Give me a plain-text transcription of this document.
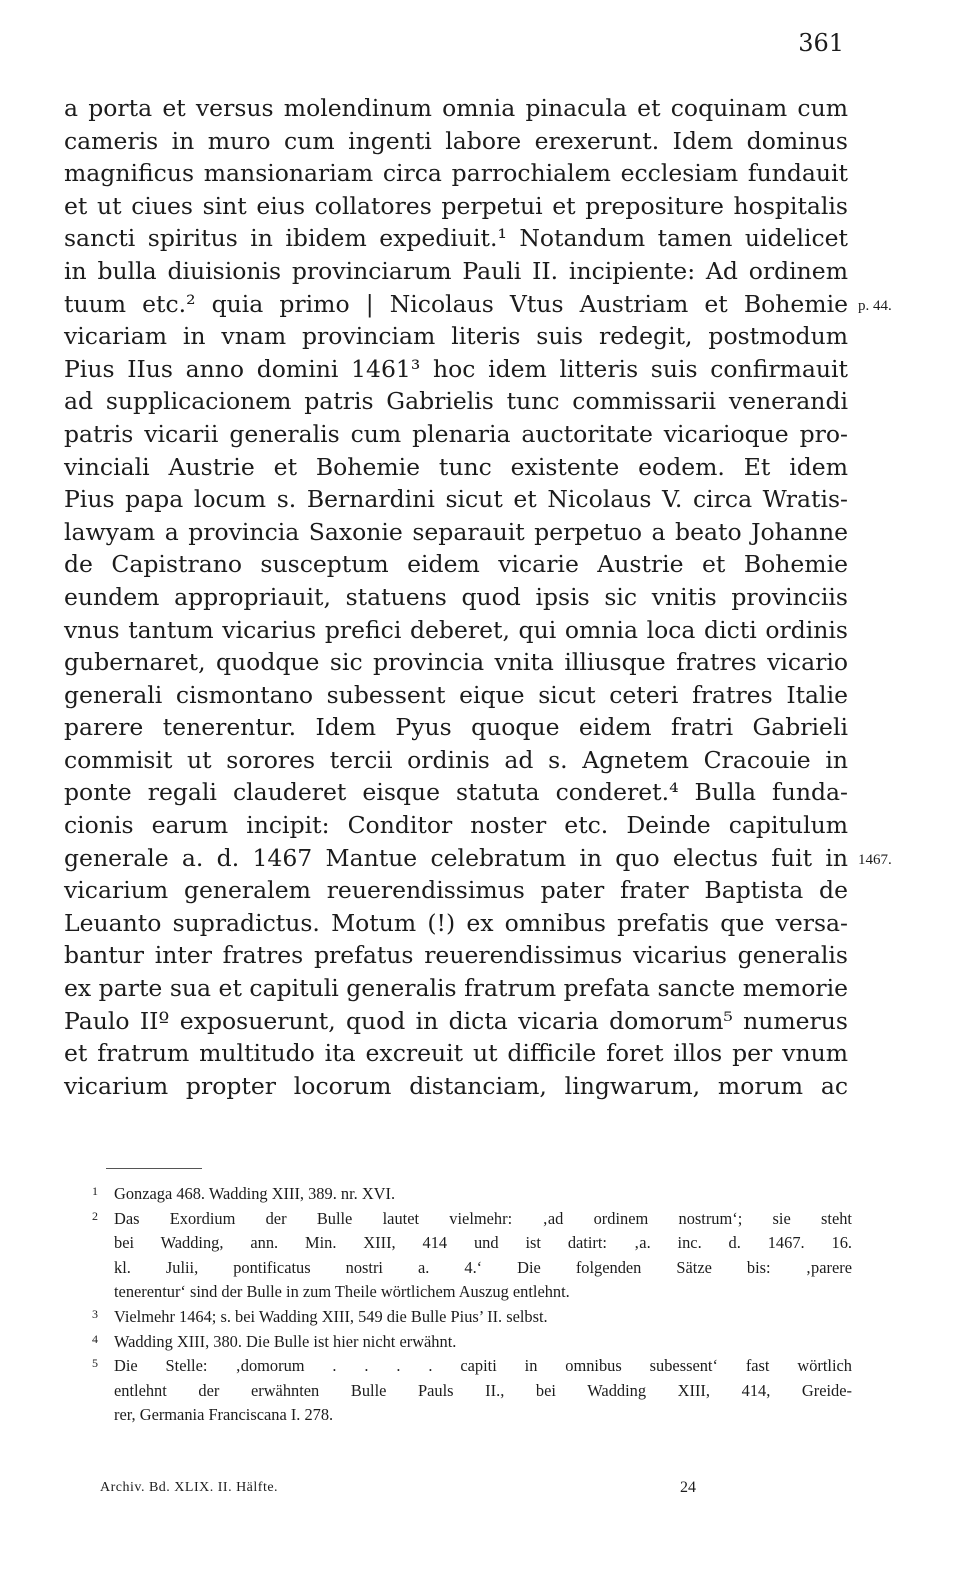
361
a porta et versus molendinum omnia pinacula et coquinam cum
cameris in muro cum ingenti labore erexerunt. Idem dominus
magnificus mansionariam circa parrochialem ecclesiam fundauit
et ut ciues sint eius collatores perpetui et prepositure hospitalis
sancti spiritus in ibidem expediuit.¹ Notandum tamen uidelicet
in bulla diuisionis provinciarum Pauli II. incipiente: Ad ordinem
tuum etc.² quia primo | Nicolaus Vtus Austriam et Bohemie
vicariam in vnam provinciam literis suis redegit, postmodum
Pius IIus anno domini 1461³ hoc idem litteris suis confirmauit
ad supplicacionem patris Gabrielis tunc commissarii venerandi
patris vicarii generalis cum plenaria auctoritate vicarioque pro-
vinciali Austrie et Bohemie tunc existente eodem. Et idem
Pius papa locum s. Bernardini sicut et Nicolaus V. circa Wratis-
lawyam a provincia Saxonie separauit perpetuo a beato Johanne
de Capistrano susceptum eidem vicarie Austrie et Bohemie
eundem appropriauit, statuens quod ipsis sic vnitis provinciis
vnus tantum vicarius prefici deberet, qui omnia loca dicti ordinis
gubernaret, quodque sic provincia vnita illiusque fratres vicario
generali cismontano subessent eique sicut ceteri fratres Italie
parere tenerentur. Idem Pyus quoque eidem fratri Gabrieli
commisit ut sorores tercii ordinis ad s. Agnetem Cracouie in
ponte regali clauderet eisque statuta conderet.⁴ Bulla funda-
cionis earum incipit: Conditor noster etc. Deinde capitulum
generale a. d. 1467 Mantue celebratum in quo electus fuit in
vicarium generalem reuerendissimus pater frater Baptista de
Leuanto supradictus. Motum (!) ex omnibus prefatis que versa-
bantur inter fratres prefatus reuerendissimus vicarius generalis
ex parte sua et capituli generalis fratrum prefata sancte memorie
Paulo IIº exposuerunt, quod in dicta vicaria domorum⁵ numerus
et fratrum multitudo ita excreuit ut difficile foret illos per vnum
vicarium propter locorum distanciam, lingwarum, morum ac
p. 44.
1467.
1 Gonzaga 468. Wadding XIII, 389. nr. XVI.
2 Das Exordium der Bulle lautet vielmehr: ‚ad ordinem nostrum‘; sie steht
bei Wadding, ann. Min. XIII, 414 und ist datirt: ‚a. inc. d. 1467. 16.
kl. Julii, pontificatus nostri a. 4.‘ Die folgenden Sätze bis: ‚parere
tenerentur‘ sind der Bulle in zum Theile wörtlichem Auszug entlehnt.
3 Vielmehr 1464; s. bei Wadding XIII, 549 die Bulle Pius’ II. selbst.
4 Wadding XIII, 380. Die Bulle ist hier nicht erwähnt.
5 Die Stelle: ‚domorum . . . . capiti in omnibus subessent‘ fast wörtlich
entlehnt der erwähnten Bulle Pauls II., bei Wadding XIII, 414, Greide-
rer, Germania Franciscana I. 278.
Archiv. Bd. XLIX. II. Hälfte.	24
